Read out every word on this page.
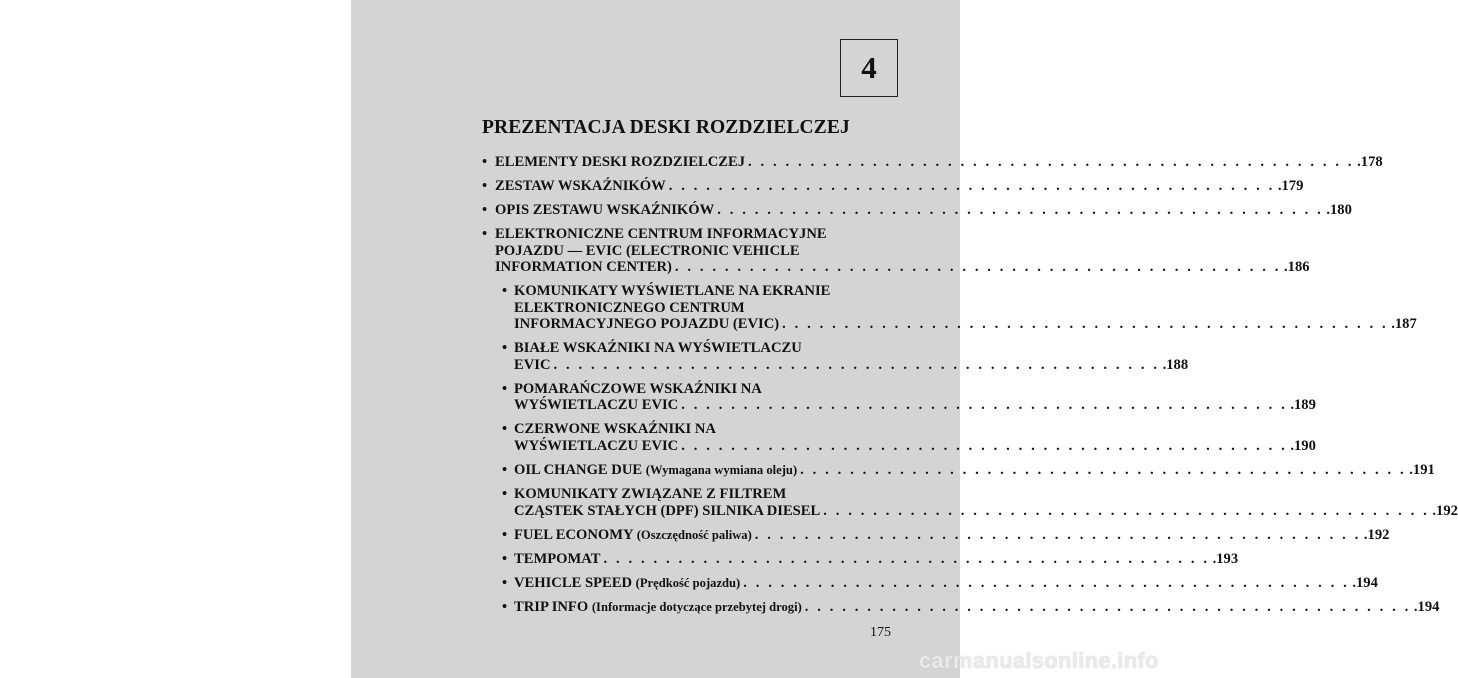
4
PREZENTACJA DESKI ROZDZIELCZEJ
• ELEMENTY DESKI ROZDZIELCZEJ . . . . . . . . . . . . . . . . . . . . . . . . . . . . . . . . . . . . . . . . . . . . . . . . . .178
• ZESTAW WSKAŹNIKÓW . . . . . . . . . . . . . . . . . . . . . . . . . . . . . . . . . . . . . . . . . . . . . . . . . .179
• OPIS ZESTAWU WSKAŹNIKÓW . . . . . . . . . . . . . . . . . . . . . . . . . . . . . . . . . . . . . . . . . . . . . . . . . .180
• ELEKTRONICZNE CENTRUM INFORMACYJNE
POJAZDU — EVIC (ELECTRONIC VEHICLE
INFORMATION CENTER) . . . . . . . . . . . . . . . . . . . . . . . . . . . . . . . . . . . . . . . . . . . . . . . . . .186
• KOMUNIKATY WYŚWIETLANE NA EKRANIE
ELEKTRONICZNEGO CENTRUM
INFORMACYJNEGO POJAZDU (EVIC) . . . . . . . . . . . . . . . . . . . . . . . . . . . . . . . . . . . . . . . . . . . . . . . . . .187
• BIAŁE WSKAŹNIKI NA WYŚWIETLACZU
EVIC . . . . . . . . . . . . . . . . . . . . . . . . . . . . . . . . . . . . . . . . . . . . . . . . . .188
• POMARAŃCZOWE WSKAŹNIKI NA
WYŚWIETLACZU EVIC . . . . . . . . . . . . . . . . . . . . . . . . . . . . . . . . . . . . . . . . . . . . . . . . . .189
• CZERWONE WSKAŹNIKI NA
WYŚWIETLACZU EVIC . . . . . . . . . . . . . . . . . . . . . . . . . . . . . . . . . . . . . . . . . . . . . . . . . .190
• OIL CHANGE DUE (Wymagana wymiana oleju) . . . . . . . . . . . . . . . . . . . . . . . . . . . . . . . . . . . . . . . . . . . . . . . . . .191
• KOMUNIKATY ZWIĄZANE Z FILTREM
CZĄSTEK STAŁYCH (DPF) SILNIKA DIESEL . . . . . . . . . . . . . . . . . . . . . . . . . . . . . . . . . . . . . . . . . . . . . . . . . .192
• FUEL ECONOMY (Oszczędność paliwa) . . . . . . . . . . . . . . . . . . . . . . . . . . . . . . . . . . . . . . . . . . . . . . . . . .192
• TEMPOMAT . . . . . . . . . . . . . . . . . . . . . . . . . . . . . . . . . . . . . . . . . . . . . . . . . .193
• VEHICLE SPEED (Prędkość pojazdu) . . . . . . . . . . . . . . . . . . . . . . . . . . . . . . . . . . . . . . . . . . . . . . . . . .194
• TRIP INFO (Informacje dotyczące przebytej drogi) . . . . . . . . . . . . . . . . . . . . . . . . . . . . . . . . . . . . . . . . . . . . . . . . . .194
175
carmanualsonline.info
